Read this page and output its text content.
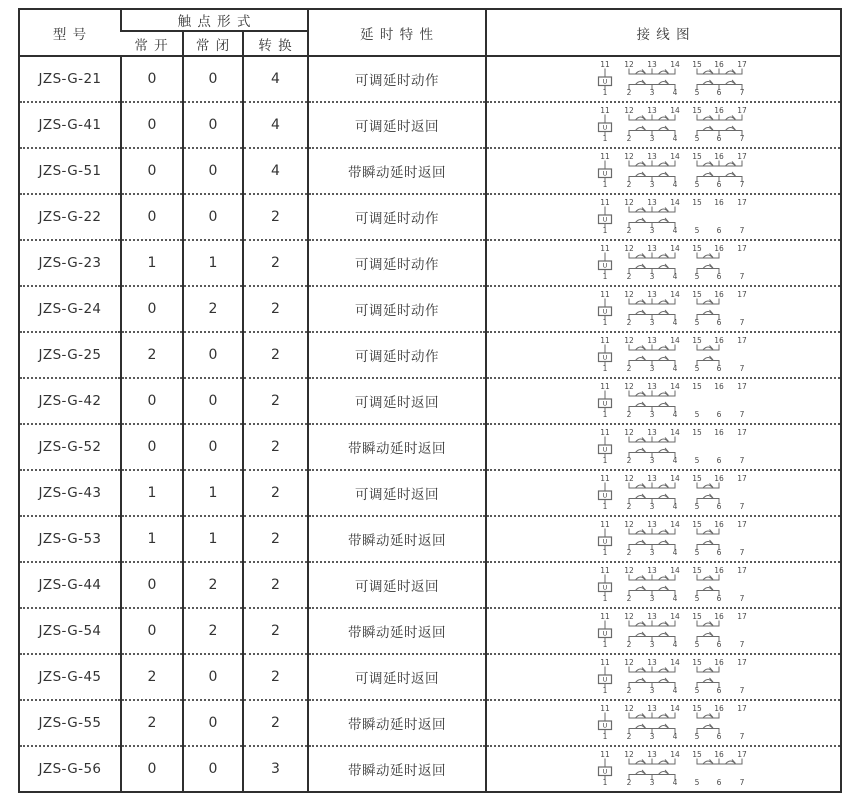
型 号	触 点 形 式			延 时 特 性	接 线 图
	常 开	常 闭	转 换		
JZS-G-21	0	0	4	可调延时动作	U
11 12 13 14 15 16 17
1	2 3 4 5 6 7

JZS-G-41	0	0	4	可调延时返回	U
11 12 13 14 15 16 17
1	2 3 4 5 6 7

JZS-G-51	0	0	4	带瞬动延时返回	U
11 12 13 14 15 16 17
1	2 3 4 5 6 7

JZS-G-22	0	0	2	可调延时动作	U
11 12 13 14 15 16 17
1	2 3 4 5 6 7

JZS-G-23	1	1	2	可调延时动作	U
11 12 13 14 15 16 17
1	2 3 4 5 6 7

JZS-G-24	0	2	2	可调延时动作	U
11 12 13 14 15 16 17
1	2 3 4 5 6 7

JZS-G-25	2	0	2	可调延时动作	U
11 12 13 14 15 16 17
1	2 3 4 5 6 7

JZS-G-42	0	0	2	可调延时返回	U
11 12 13 14 15 16 17
1	2 3 4 5 6 7

JZS-G-52	0	0	2	带瞬动延时返回	U
11 12 13 14 15 16 17
1	2 3 4 5 6 7

JZS-G-43	1	1	2	可调延时返回	U
11 12 13 14 15 16 17
1	2 3 4 5 6 7

JZS-G-53	1	1	2	带瞬动延时返回	U
11 12 13 14 15 16 17
1	2 3 4 5 6 7

JZS-G-44	0	2	2	可调延时返回	U
11 12 13 14 15 16 17
1	2 3 4 5 6 7

JZS-G-54	0	2	2	带瞬动延时返回	U
11 12 13 14 15 16 17
1	2 3 4 5 6 7

JZS-G-45	2	0	2	可调延时返回	U
11 12 13 14 15 16 17
1	2 3 4 5 6 7

JZS-G-55	2	0	2	带瞬动延时返回	U
11 12 13 14 15 16 17
1	2 3 4 5 6 7

JZS-G-56	0	0	3	带瞬动延时返回	U
11 12 13 14 15 16 17
1	2 3 4 5 6 7
